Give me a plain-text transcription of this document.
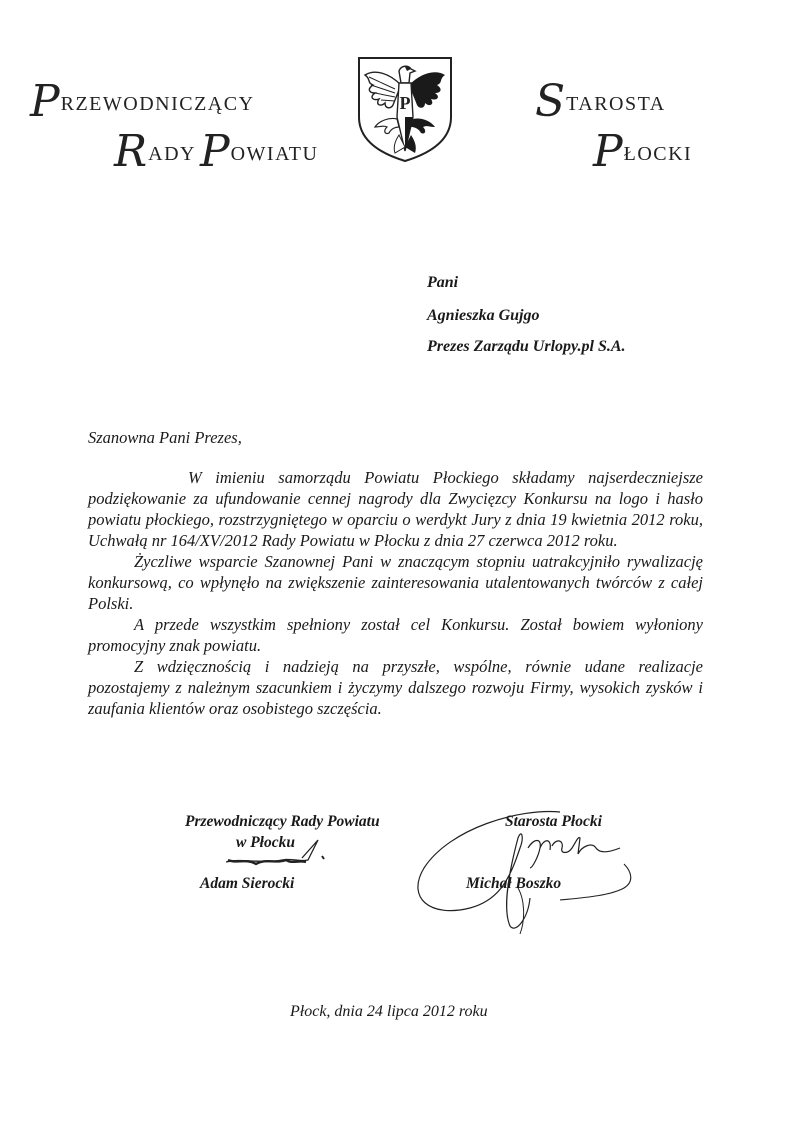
PRZEWODNICZĄCY
RADYPOWIATU
P	STAROSTA
PŁOCKI
Pani
Agnieszka Gujgo
Prezes Zarządu Urlopy.pl S.A.
Szanowna Pani Prezes,

W imieniu samorządu Powiatu Płockiego składamy najserdeczniejsze podziękowanie za ufundowanie cennej nagrody dla Zwycięzcy Konkursu na logo i hasło powiatu płockiego, rozstrzygniętego w oparciu o werdykt Jury z dnia 19 kwietnia 2012 roku, Uchwałą nr 164/XV/2012 Rady Powiatu w Płocku z dnia 27 czerwca 2012 roku.

Życzliwe wsparcie Szanownej Pani w znaczącym stopniu uatrakcyjniło rywalizację konkursową, co wpłynęło na zwiększenie zainteresowania utalentowanych twórców z całej Polski.

A przede wszystkim spełniony został cel Konkursu. Został bowiem wyłoniony promocyjny znak powiatu.

Z wdzięcznością i nadzieją na przyszłe, wspólne, równie udane realizacje pozostajemy z należnym szacunkiem i życzymy dalszego rozwoju Firmy, wysokich zysków i zaufania klientów oraz osobistego szczęścia.

Przewodniczący Rady Powiatu
w Płocku
Adam Sierocki
Starosta Płocki
Michał Boszko
Płock, dnia 24 lipca 2012 roku
